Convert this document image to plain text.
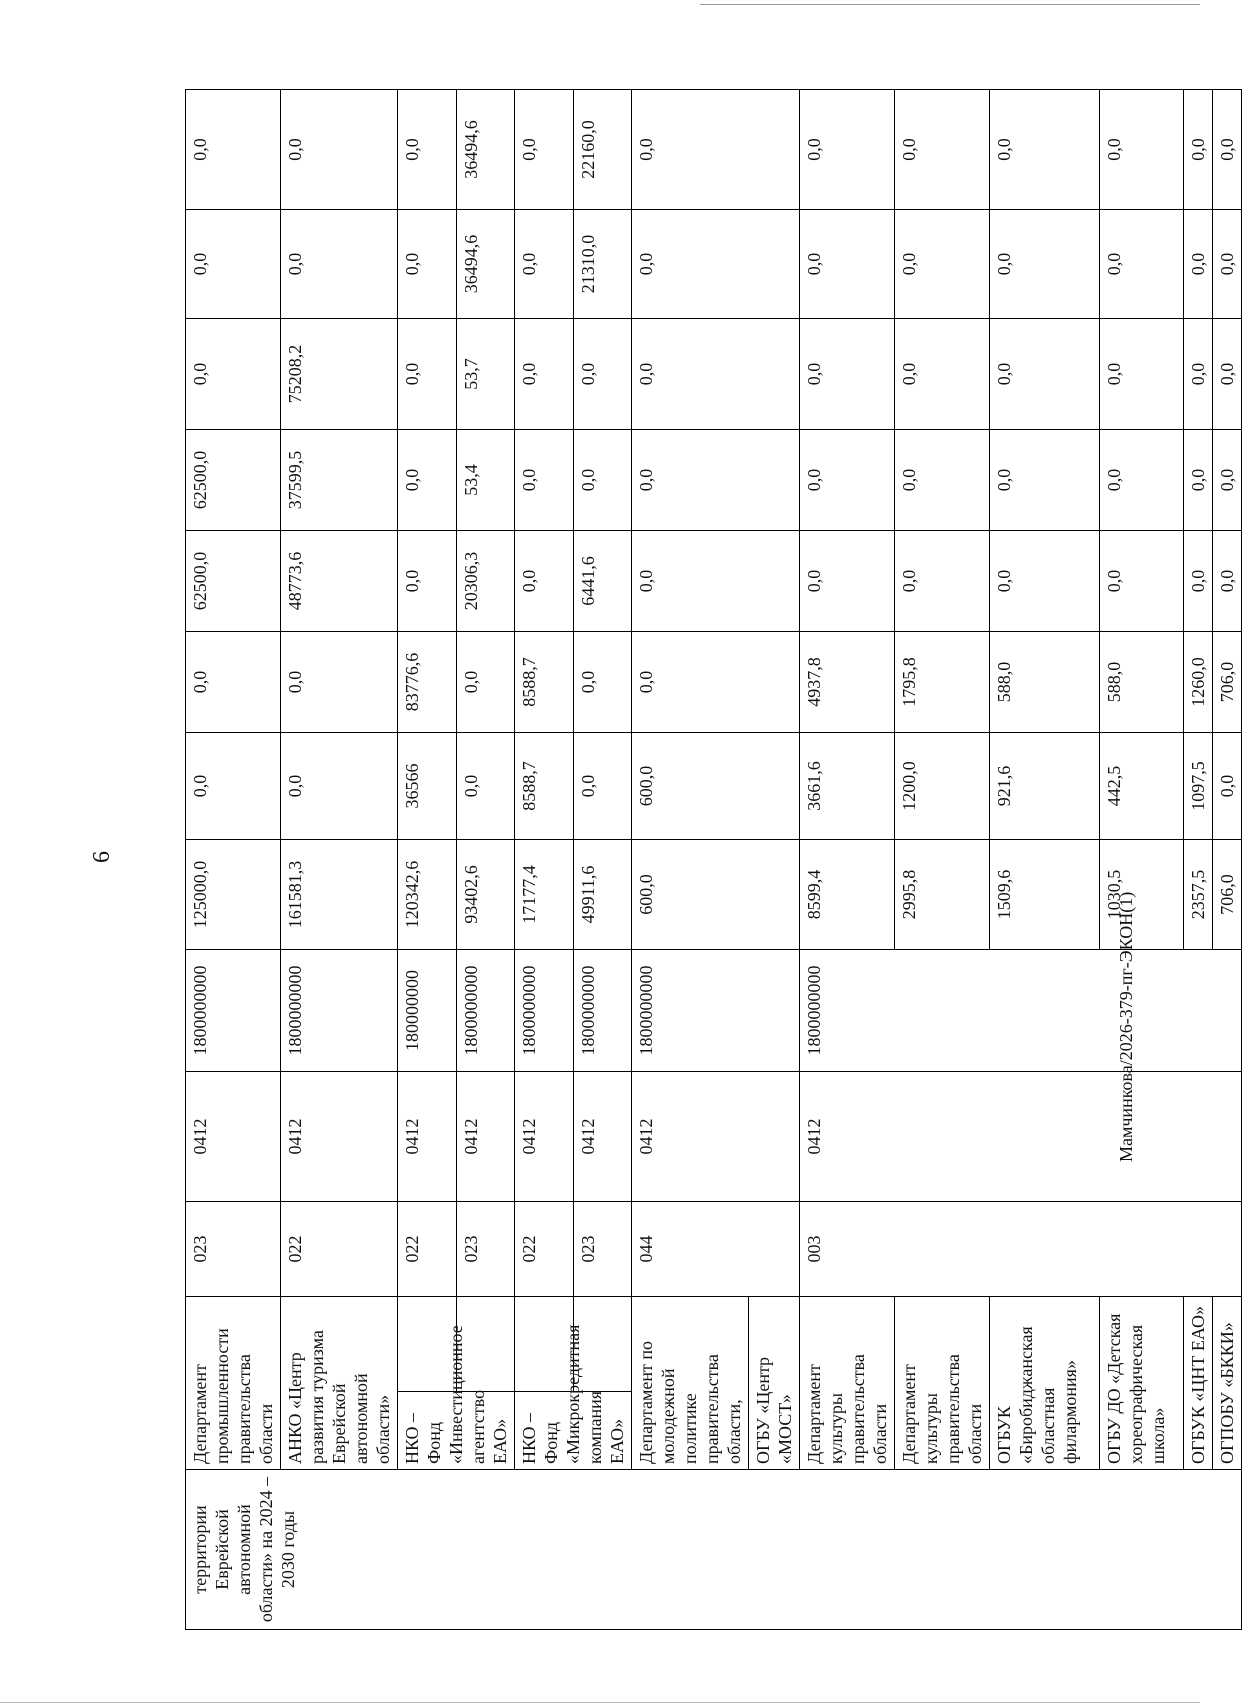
6
Мамчинкова/2026-379-пг-ЭКОН(1)
территории Еврейской автономной области» на 2024 – 2030 годы	Департамент промышленности правительства области		023	0412	1800000000	125000,0	0,0	0,0	62500,0	62500,0	0,0	0,0	0,0
	АНКО «Центр развития туризма Еврейской автономной области»		022	0412	1800000000	161581,3	0,0	0,0	48773,6	37599,5	75208,2	0,0	0,0
	НКО – Фонд «Инвестиционное агентство ЕАО»		022	0412	180000000	120342,6	36566	83776,6	0,0	0,0	0,0	0,0	0,0
			023	0412	1800000000	93402,6	0,0	0,0	20306,3	53,4	53,7	36494,6	36494,6
	НКО – Фонд «Микрокредитная компания ЕАО»		022	0412	1800000000	17177,4	8588,7	8588,7	0,0	0,0	0,0	0,0	0,0
			023	0412	1800000000	49911,6	0,0	0,0	6441,6	0,0	0,0	21310,0	22160,0
	Департамент по молодежной политике правительства области,		044	0412	1800000000	600,0	600,0	0,0	0,0	0,0	0,0	0,0	0,0
	ОГБУ «Центр «МОСТ»												
	Департамент культуры правительства области		003	0412	1800000000	8599,4	3661,6	4937,8	0,0	0,0	0,0	0,0	0,0
	Департамент культуры правительства области					2995,8	1200,0	1795,8	0,0	0,0	0,0	0,0	0,0
	ОГБУК «Биробиджанская областная филармония»					1509,6	921,6	588,0	0,0	0,0	0,0	0,0	0,0
	ОГБУ ДО «Детская хореографическая школа»					1030,5	442,5	588,0	0,0	0,0	0,0	0,0	0,0
	ОГБУК «ЦНТ ЕАО»					2357,5	1097,5	1260,0	0,0	0,0	0,0	0,0	0,0
	ОГПОБУ «БККИ»					706,0	0,0	706,0	0,0	0,0	0,0	0,0	0,0
